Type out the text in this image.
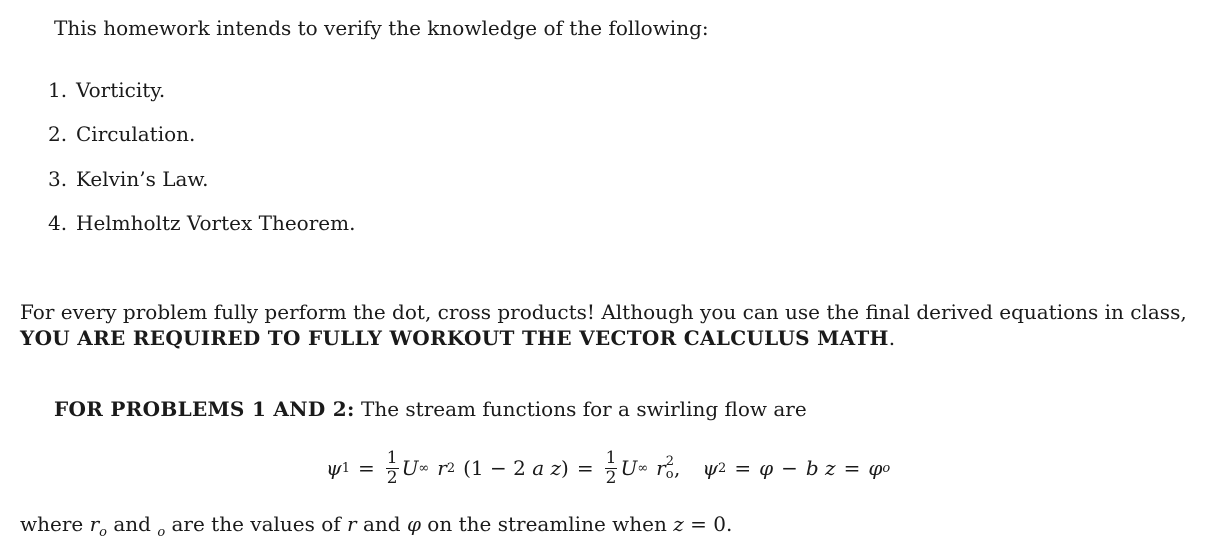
This homework intends to verify the knowledge of the following:
1. Vorticity.
2. Circulation.
3. Kelvin’s Law.
4. Helmholtz Vortex Theorem.
For every problem fully perform the dot, cross products! Although you can use the final derived equations in class,
YOU ARE REQUIRED TO FULLY WORKOUT THE VECTOR CALCULUS MATH.
FOR PROBLEMS 1 AND 2: The stream functions for a swirling flow are
ψ $1 = \frac{1}{2}$ U ∞ r 2 (1 − 2
a
z ) = $\frac{1}{2}$ U ∞ r 2
o , ψ 2 = φ − b
z = φ o
where $r_o$ and $_o$ are the values of r and φ on the streamline when z = 0.
